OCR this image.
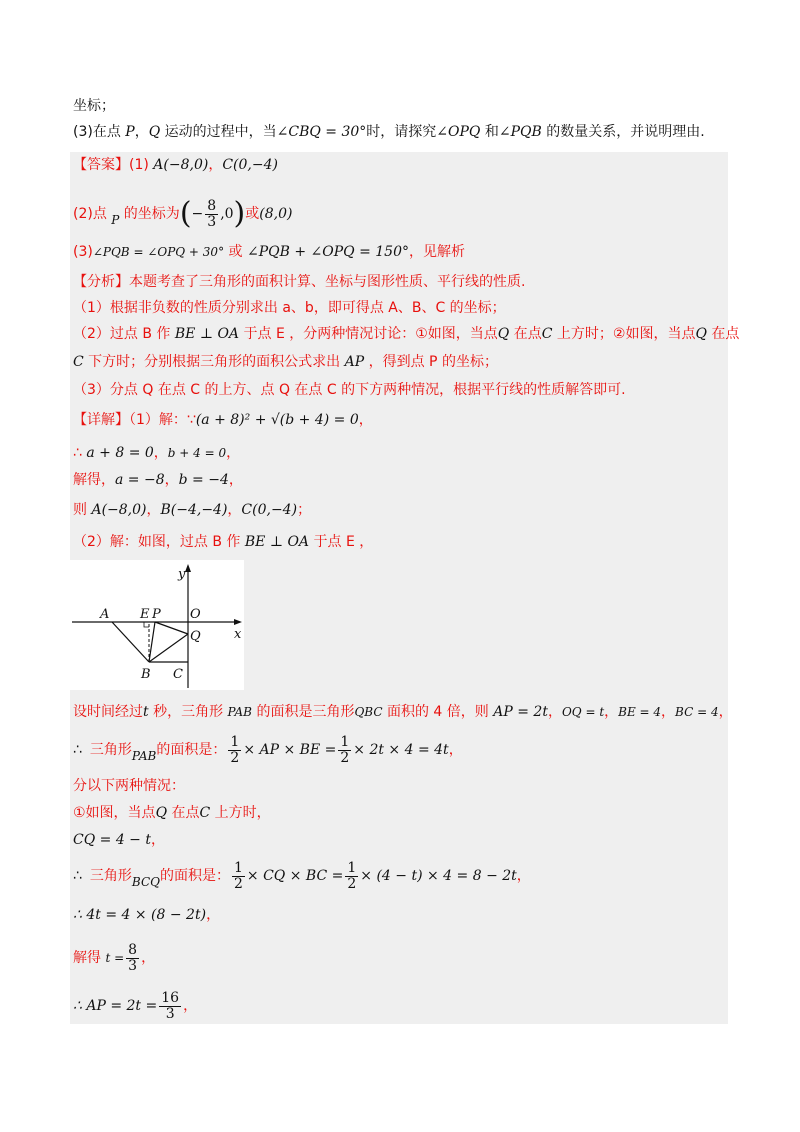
坐标；
(3)在点 P，Q 运动的过程中，当∠CBQ = 30°时，请探究∠OPQ 和∠PQB 的数量关系，并说明理由.
【答案】(1) A(−8,0)，C(0,−4)
(2)点 P 的坐标为(− $\frac{8}{3} ,0$)或(8,0)
(3)∠PQB = ∠OPQ + 30° 或 ∠PQB + ∠OPQ = 150°，见解析
【分析】本题考查了三角形的面积计算、坐标与图形性质、平行线的性质.
（1）根据非负数的性质分别求出 a、b，即可得点 A、B、C 的坐标；
（2）过点 B 作 BE ⊥ OA 于点 E ，分两种情况讨论：①如图，当点Q 在点C 上方时；②如图，当点Q 在点
C 下方时；分别根据三角形的面积公式求出 AP ，得到点 P 的坐标；
（3）分点 Q 在点 C 的上方、点 Q 在点 C 的下方两种情况，根据平行线的性质解答即可.
【详解】（1）解：∵(a + 8)² + √(b + 4) = 0，
∴ a + 8 = 0，b + 4 = 0，
解得，a = −8，b = −4，
则 A(−8,0)，B(−4,−4)，C(0,−4)；
（2）解：如图，过点 B 作 BE ⊥ OA 于点 E ，
y
x
A E P O
Q
B C
设时间经过t 秒，三角形 PAB 的面积是三角形QBC 面积的 4 倍，则 AP = 2t，OQ = t，BE = 4，BC = 4，
∴ 三角形PAB的面积是： $\frac{1}{2}$ × AP × BE = $\frac{1}{2} \times 2t \times 4 = 4t$，
分以下两种情况：
①如图，当点Q 在点C 上方时，
CQ = 4 − t，
∴ 三角形BCQ的面积是： $\frac{1}{2}$ × CQ × BC = $\frac{1}{2} \times (4 - t) \times 4 = 8 - 2t$，
∴ 4t = 4 × (8 − 2t)，
解得 $t = \frac{8}{3}$ ，
∴ AP = $2t = \frac{16}{3}$ ，
